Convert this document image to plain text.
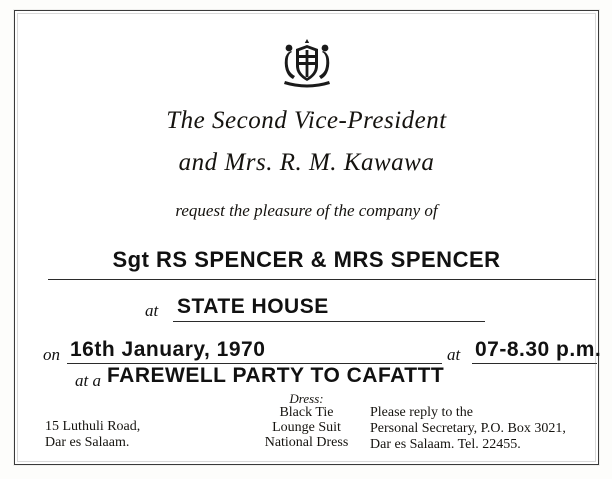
The Second Vice-President
and Mrs. R. M. Kawawa
request the pleasure of the company of
Sgt RS SPENCER & MRS SPENCER
at STATE HOUSE
on 16th January, 1970	at 07-8.30 p.m.
at a FAREWELL PARTY TO CAFATTT
Dress:
Black Tie
Lounge Suit
National Dress
15 Luthuli Road,
Dar es Salaam.
Please reply to the
Personal Secretary, P.O. Box 3021,
Dar es Salaam. Tel. 22455.
